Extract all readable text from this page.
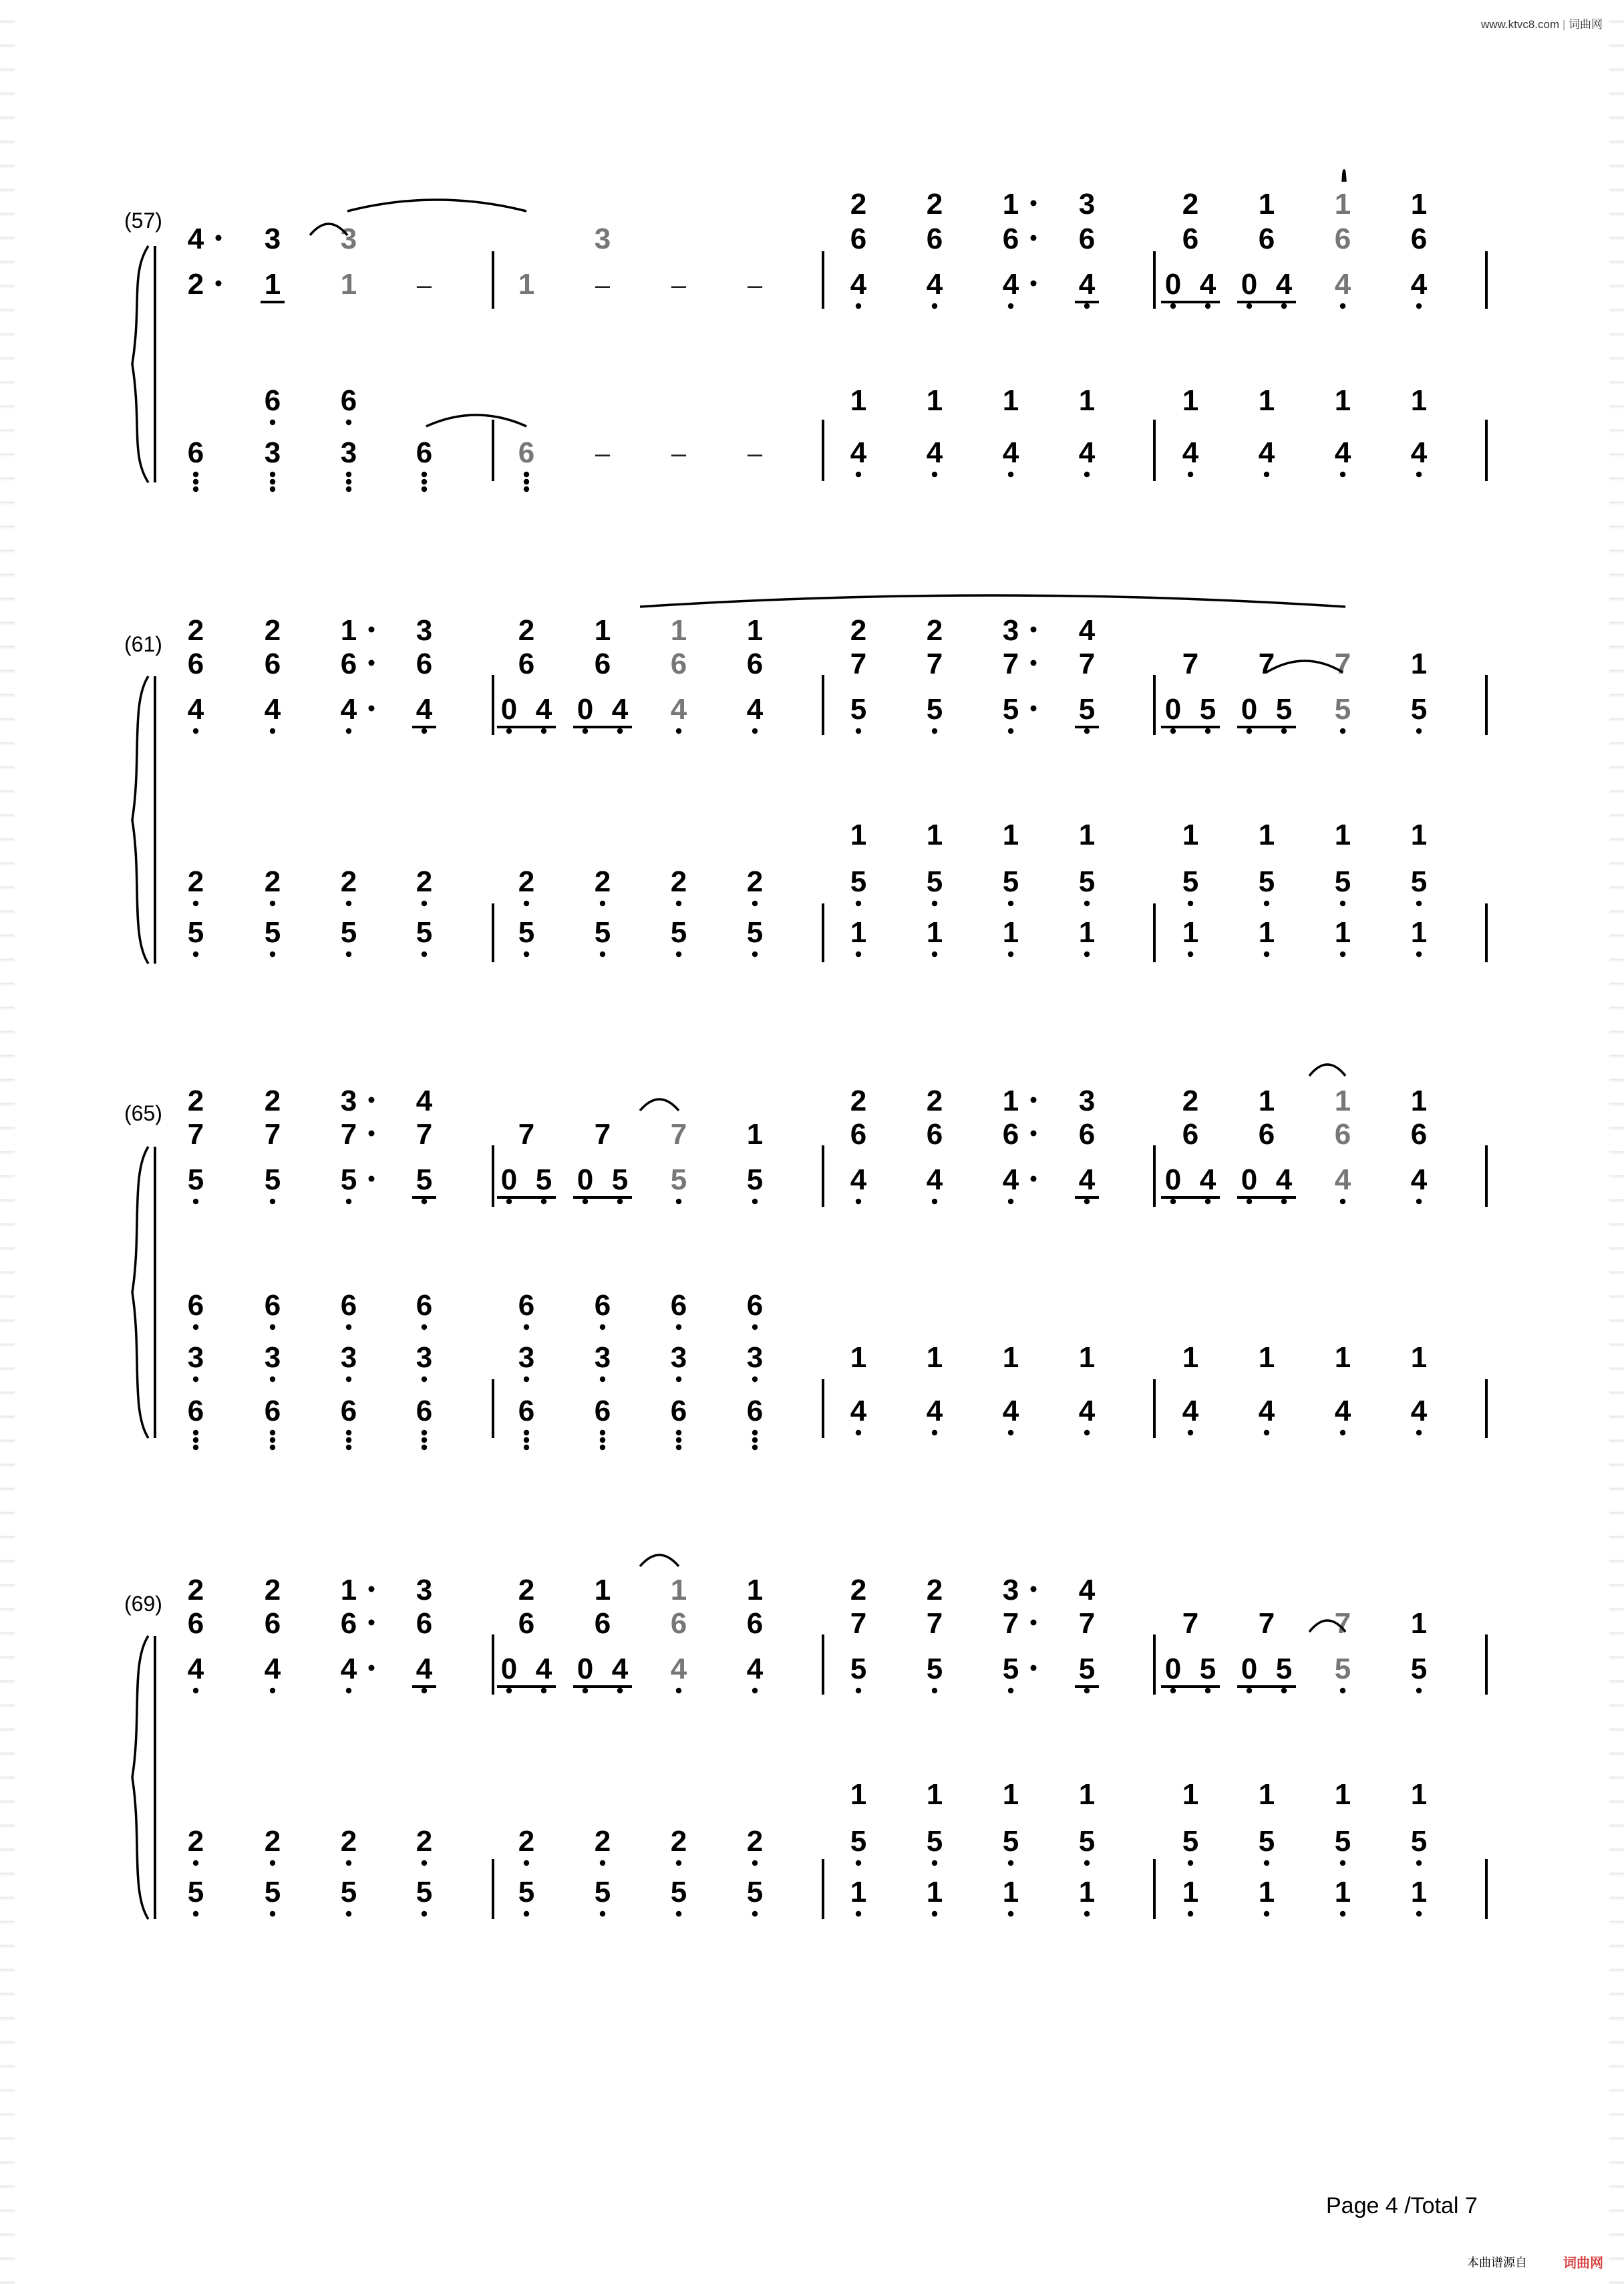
www.ktvc8.com | 词曲网
(57)
(61)
(65)
(69)
2 2 1 3	2 1 1 1
4 3 3	3	6 6 6 6	6 6 6 6
2 1 1 –	1 – – –	4 4 4 4 0 4 0 4 4 4
6 6	1 1 1 1	1 1 1 1
6 3 3 6	6 – – –	4 4 4 4	4 4 4 4
2 2 1 3	2 1 1 1	2 2 3 4
6 6 6 6	6 6 6 6	7 7 7 7	7 7 7 1
4 4 4 4 0 4 0 4 4 4	5 5 5 5 0 5 0 5 5 5
1 1 1 1	1 1 1 1
2 2 2 2	2 2 2 2	5 5 5 5	5 5 5 5
5 5 5 5	5 5 5 5	1 1 1 1	1 1 1 1
2 2 3 4	2 2 1 3	2 1 1 1
7 7 7 7	7 7 7 1	6 6 6 6	6 6 6 6
5 5 5 5 0 5 0 5 5 5	4 4 4 4 0 4 0 4 4 4
6 6 6 6	6 6 6 6
3 3 3 3	3 3 3 3	1 1 1 1	1 1 1 1
6 6 6 6	6 6 6 6	4 4 4 4	4 4 4 4
2 2 1 3	2 1 1 1	2 2 3 4
6 6 6 6	6 6 6 6	7 7 7 7	7 7 7 1
4 4 4 4 0 4 0 4 4 4	5 5 5 5 0 5 0 5 5 5
1 1 1 1	1 1 1 1
2 2 2 2	2 2 2 2	5 5 5 5	5 5 5 5
5 5 5 5	5 5 5 5	1 1 1 1	1 1 1 1
Page 4 /Total 7
本曲谱源自	词曲网
